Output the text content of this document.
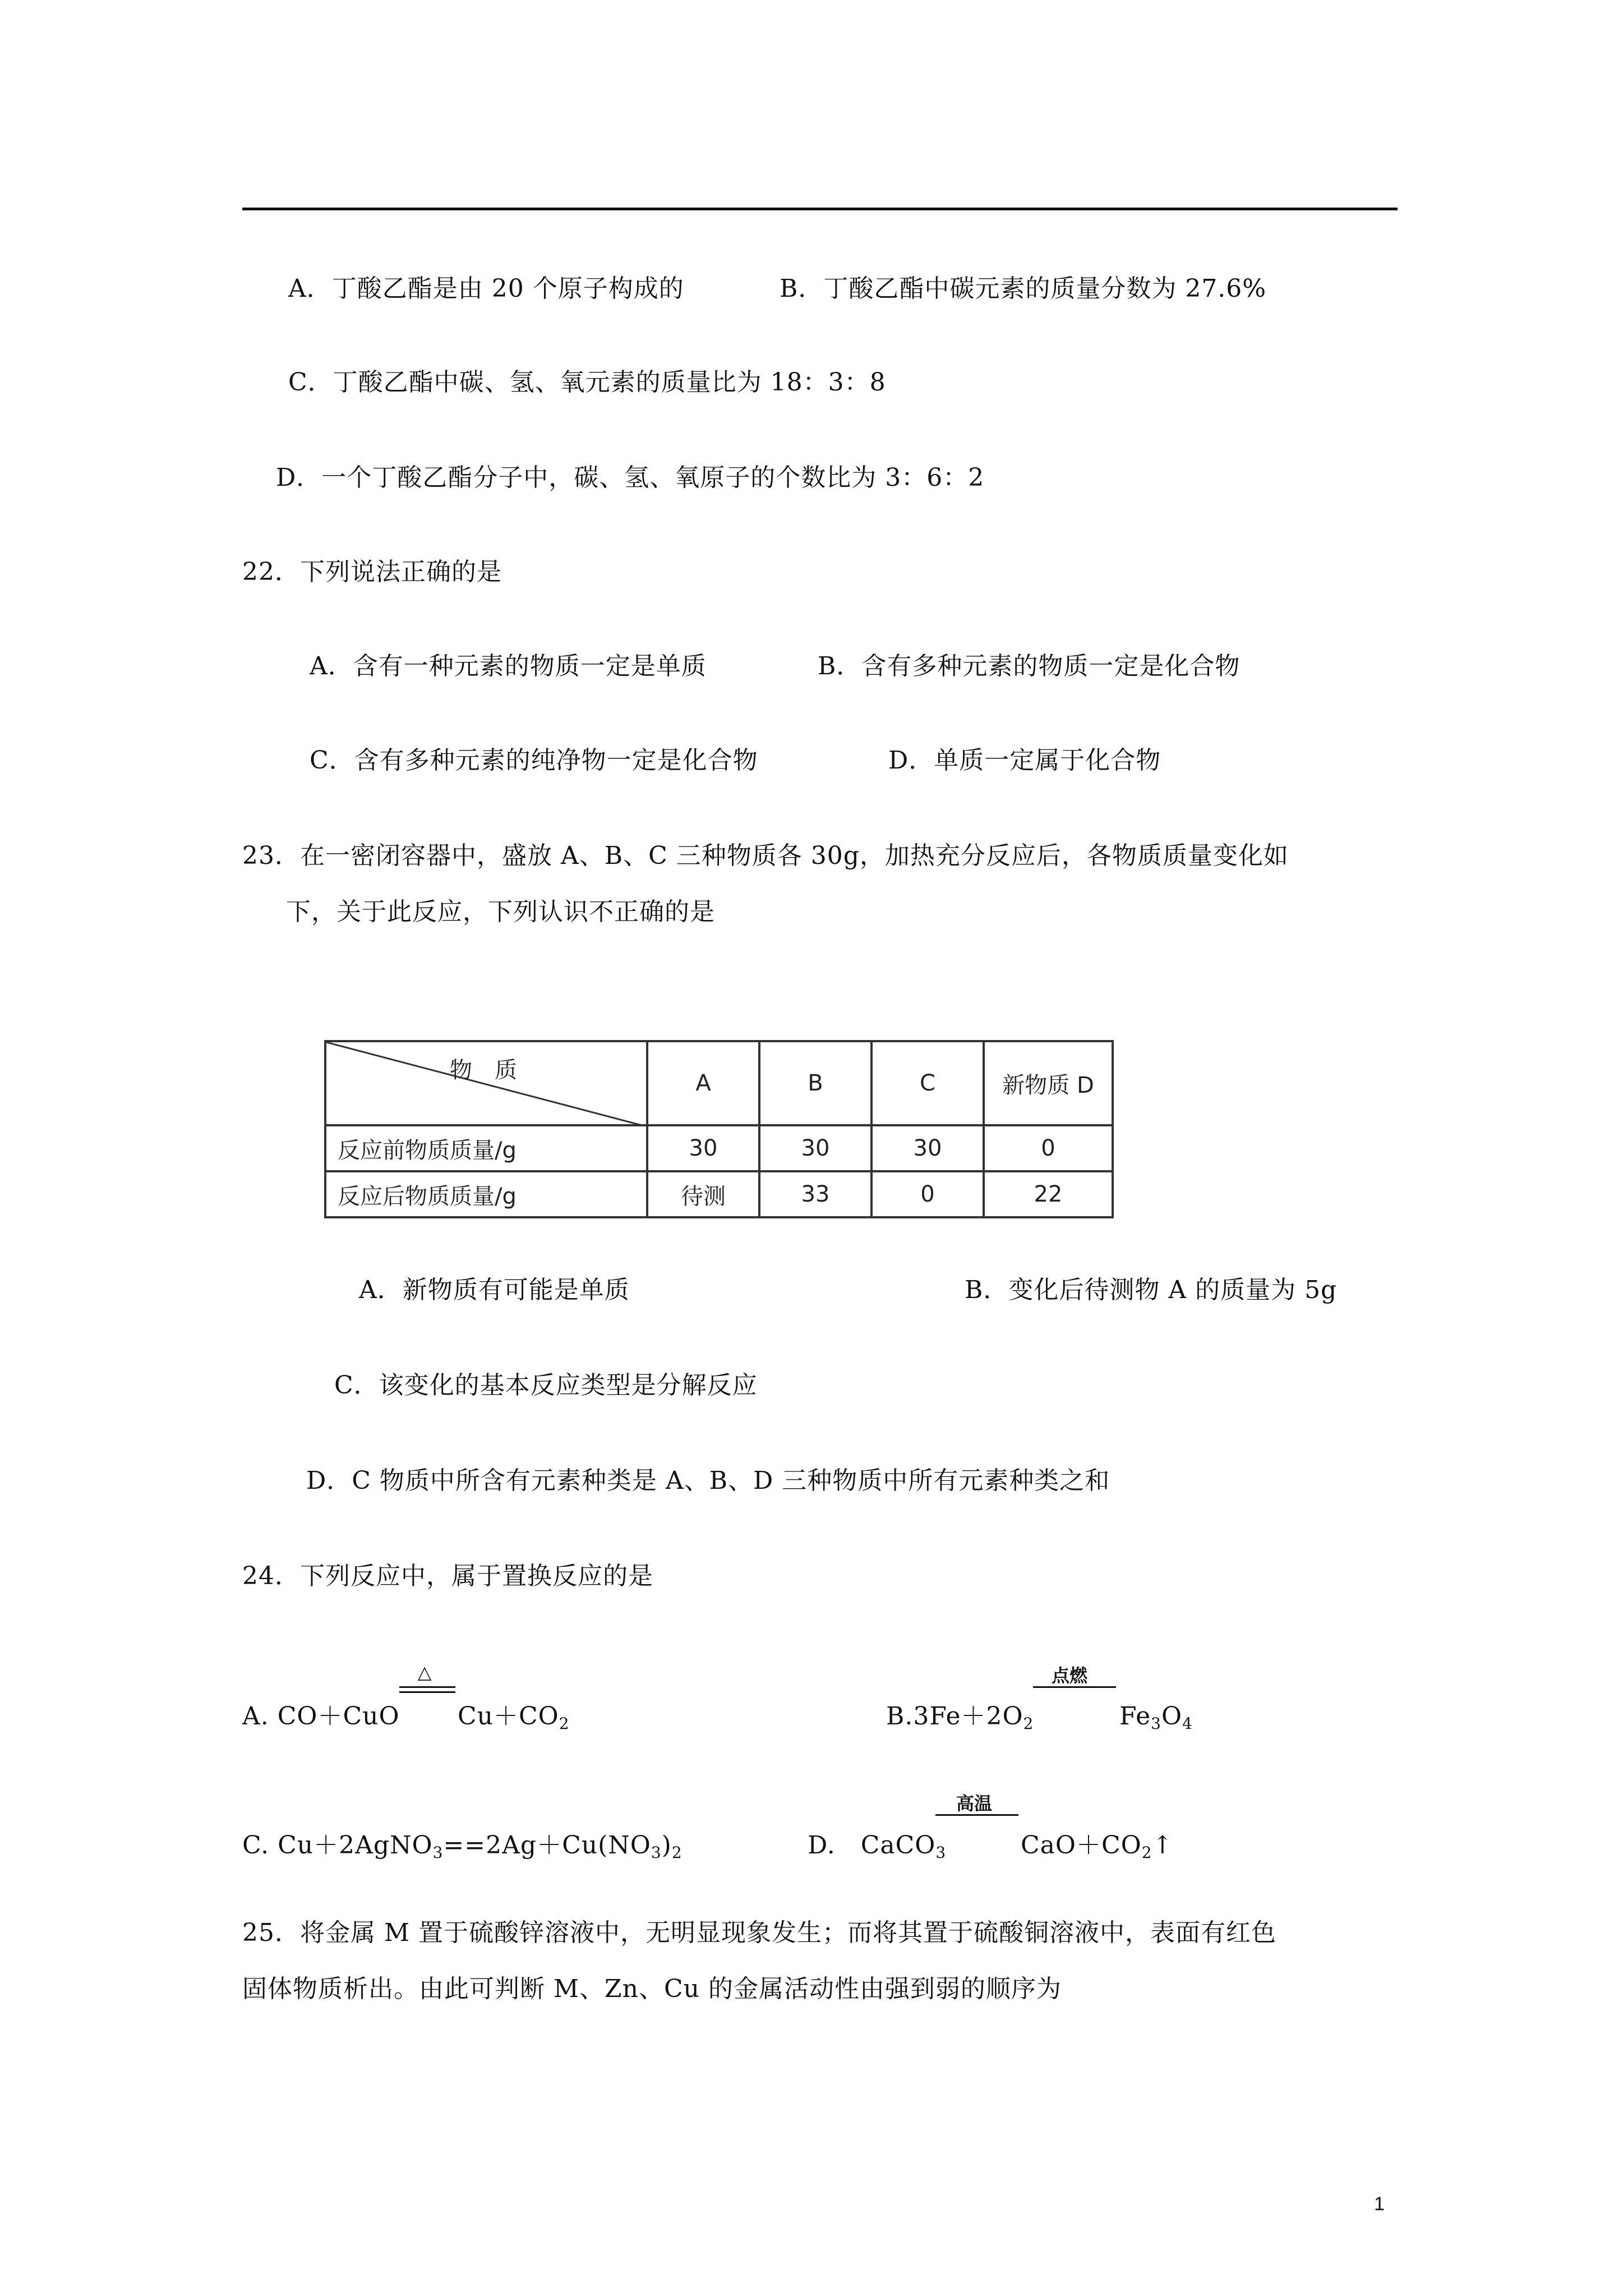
A．丁酸乙酯是由 20 个原子构成的	B．丁酸乙酯中碳元素的质量分数为 27.6%
C．丁酸乙酯中碳、氢、氧元素的质量比为 18：3：8
D．一个丁酸乙酯分子中，碳、氢、氧原子的个数比为 3：6：2
22．下列说法正确的是
A．含有一种元素的物质一定是单质	B．含有多种元素的物质一定是化合物
C．含有多种元素的纯净物一定是化合物	D．单质一定属于化合物
23．在一密闭容器中，盛放 A、B、C 三种物质各 30g，加热充分反应后，各物质质量变化如
下，关于此反应，下列认识不正确的是
物　质	A	B	C	新物质 D
反应前物质质量/g	30	30	30	0
反应后物质质量/g	待测	33	0	22
A．新物质有可能是单质	B．变化后待测物 A 的质量为 5g
C．该变化的基本反应类型是分解反应
D．C 物质中所含有元素种类是 A、B、D 三种物质中所有元素种类之和
24．下列反应中，属于置换反应的是
A. CO＋CuO
△
$Cu+CO_2$	$B.3Fe+2O_2$
点燃
$Fe_3O_4$
C. $Cu+2AgNO_3==2Ag+Cu(NO_3)_2$	D.　CaCO$_3$
高温
$CaO+CO_2↑$
25．将金属 M 置于硫酸锌溶液中，无明显现象发生；而将其置于硫酸铜溶液中，表面有红色
固体物质析出。由此可判断 M、Zn、Cu 的金属活动性由强到弱的顺序为
1
